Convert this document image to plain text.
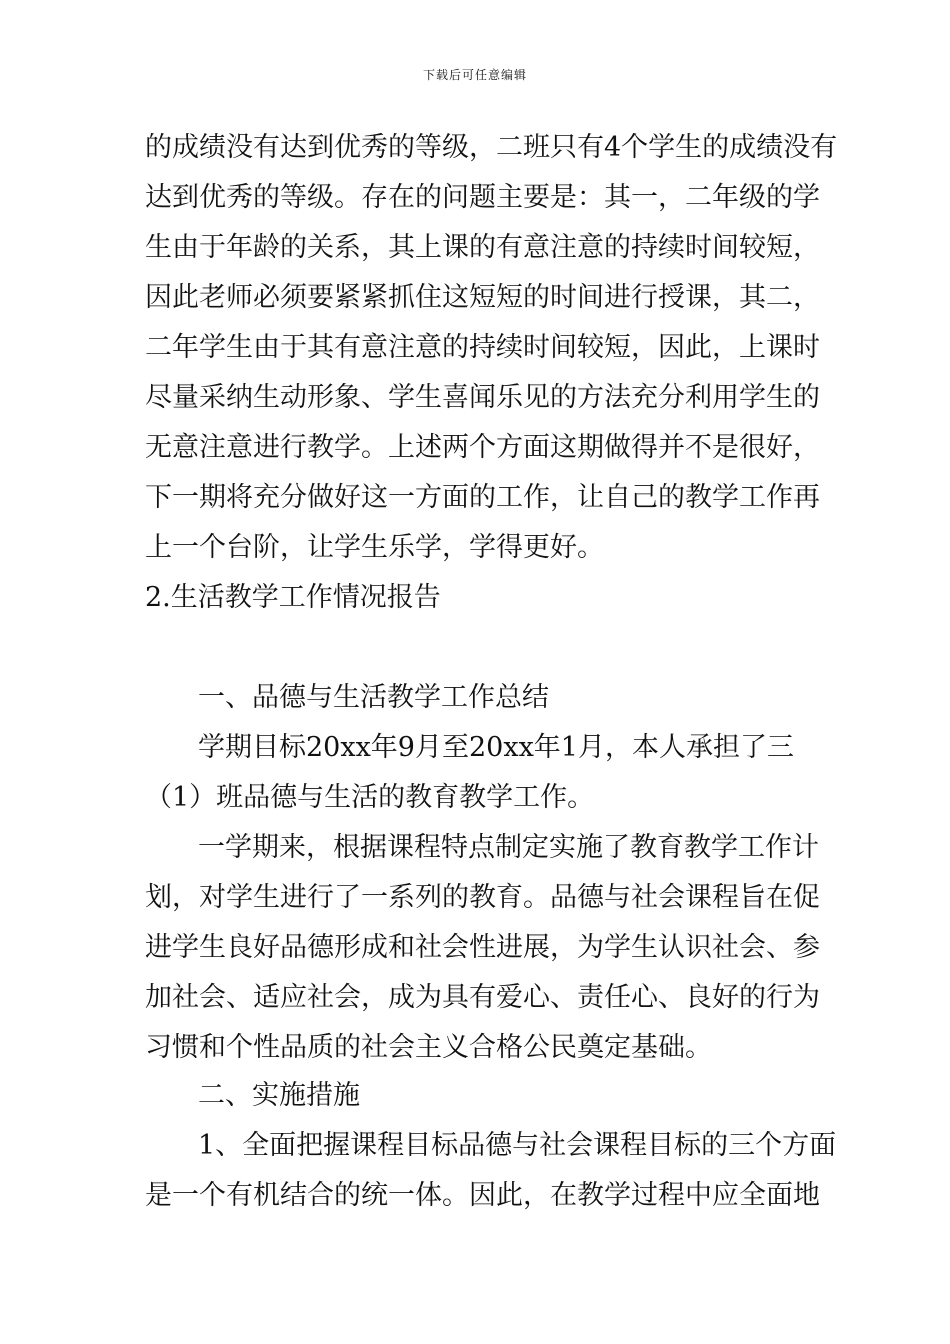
下载后可任意编辑
的成绩没有达到优秀的等级，二班只有4个学生的成绩没有
达到优秀的等级。存在的问题主要是：其一，二年级的学
生由于年龄的关系，其上课的有意注意的持续时间较短，
因此老师必须要紧紧抓住这短短的时间进行授课，其二，
二年学生由于其有意注意的持续时间较短，因此，上课时
尽量采纳生动形象、学生喜闻乐见的方法充分利用学生的
无意注意进行教学。上述两个方面这期做得并不是很好，
下一期将充分做好这一方面的工作，让自己的教学工作再
上一个台阶，让学生乐学，学得更好。
2.生活教学工作情况报告
一、品德与生活教学工作总结
学期目标20xx年9月至20xx年1月，本人承担了三
（1）班品德与生活的教育教学工作。
一学期来，根据课程特点制定实施了教育教学工作计
划，对学生进行了一系列的教育。品德与社会课程旨在促
进学生良好品德形成和社会性进展，为学生认识社会、参
加社会、适应社会，成为具有爱心、责任心、良好的行为
习惯和个性品质的社会主义合格公民奠定基础。
二、实施措施
1、全面把握课程目标品德与社会课程目标的三个方面
是一个有机结合的统一体。因此，在教学过程中应全面地
